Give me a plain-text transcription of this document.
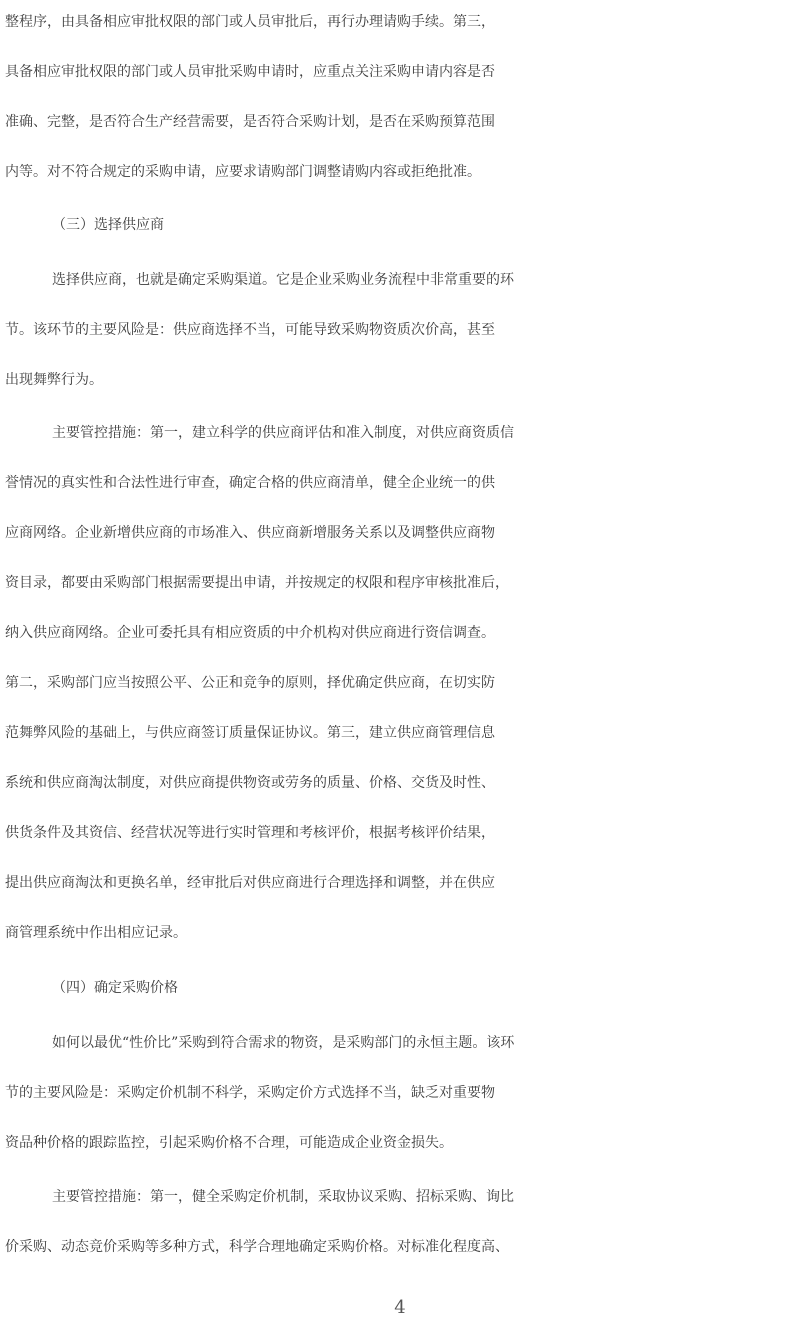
整程序，由具备相应审批权限的部门或人员审批后，再行办理请购手续。第三，
具备相应审批权限的部门或人员审批采购申请时，应重点关注采购申请内容是否
准确、完整，是否符合生产经营需要，是否符合采购计划，是否在采购预算范围
内等。对不符合规定的采购申请，应要求请购部门调整请购内容或拒绝批准。
（三）选择供应商
选择供应商，也就是确定采购渠道。它是企业采购业务流程中非常重要的环
节。该环节的主要风险是：供应商选择不当，可能导致采购物资质次价高，甚至
出现舞弊行为。
主要管控措施：第一，建立科学的供应商评估和准入制度，对供应商资质信
誉情况的真实性和合法性进行审查，确定合格的供应商清单，健全企业统一的供
应商网络。企业新增供应商的市场准入、供应商新增服务关系以及调整供应商物
资目录，都要由采购部门根据需要提出申请，并按规定的权限和程序审核批准后，
纳入供应商网络。企业可委托具有相应资质的中介机构对供应商进行资信调查。
第二，采购部门应当按照公平、公正和竞争的原则，择优确定供应商，在切实防
范舞弊风险的基础上，与供应商签订质量保证协议。第三，建立供应商管理信息
系统和供应商淘汰制度，对供应商提供物资或劳务的质量、价格、交货及时性、
供货条件及其资信、经营状况等进行实时管理和考核评价，根据考核评价结果，
提出供应商淘汰和更换名单，经审批后对供应商进行合理选择和调整，并在供应
商管理系统中作出相应记录。
（四）确定采购价格
如何以最优“性价比”采购到符合需求的物资，是采购部门的永恒主题。该环
节的主要风险是：采购定价机制不科学，采购定价方式选择不当，缺乏对重要物
资品种价格的跟踪监控，引起采购价格不合理，可能造成企业资金损失。
主要管控措施：第一，健全采购定价机制，采取协议采购、招标采购、询比
价采购、动态竞价采购等多种方式，科学合理地确定采购价格。对标准化程度高、
4
